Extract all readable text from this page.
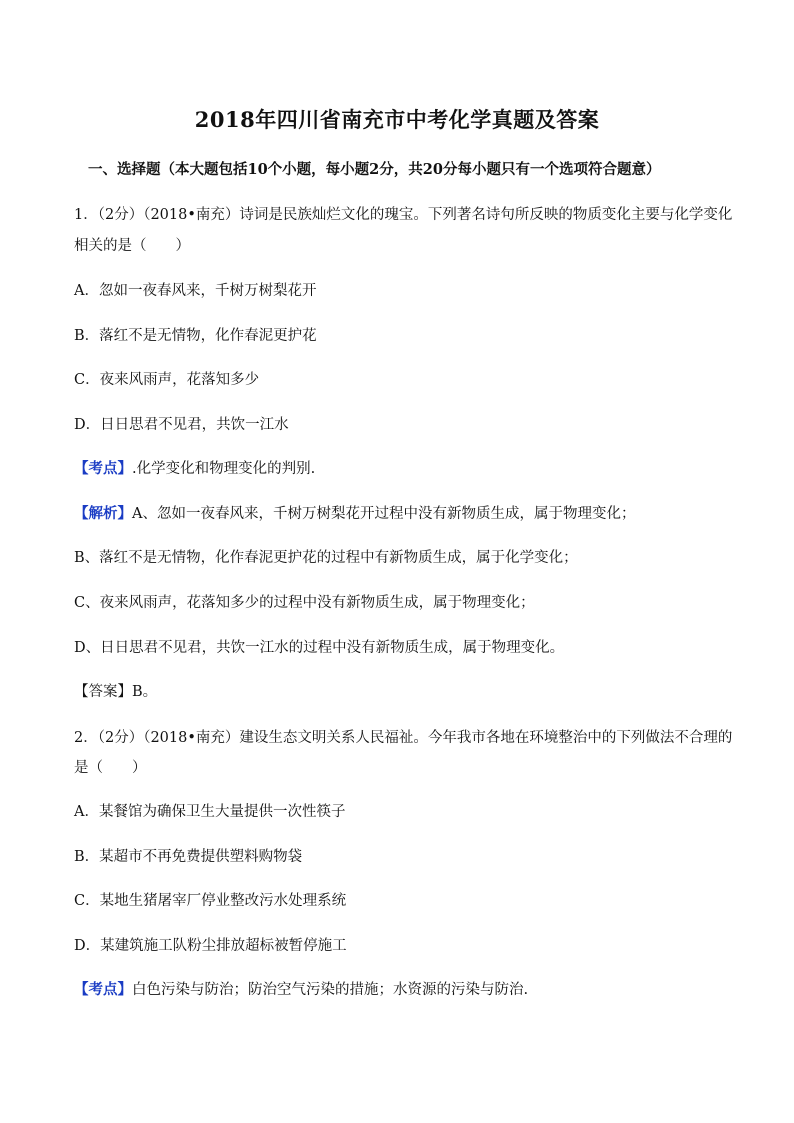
2018年四川省南充市中考化学真题及答案
一、选择题（本大题包括10个小题，每小题2分，共20分每小题只有一个选项符合题意）
1．（2分）（2018•南充）诗词是民族灿烂文化的瑰宝。下列著名诗句所反映的物质变化主要与化学变化
相关的是（　　）
A．忽如一夜春风来，千树万树梨花开
B．落红不是无情物，化作春泥更护花
C．夜来风雨声，花落知多少
D．日日思君不见君，共饮一江水
【考点】.化学变化和物理变化的判别.
【解析】A、忽如一夜春风来，千树万树梨花开过程中没有新物质生成，属于物理变化；
B、落红不是无情物，化作春泥更护花的过程中有新物质生成，属于化学变化；
C、夜来风雨声，花落知多少的过程中没有新物质生成，属于物理变化；
D、日日思君不见君，共饮一江水的过程中没有新物质生成，属于物理变化。
【答案】B。
2．（2分）（2018•南充）建设生态文明关系人民福祉。今年我市各地在环境整治中的下列做法不合理的
是（　　）
A．某餐馆为确保卫生大量提供一次性筷子
B．某超市不再免费提供塑料购物袋
C．某地生猪屠宰厂停业整改污水处理系统
D．某建筑施工队粉尘排放超标被暂停施工
【考点】白色污染与防治；防治空气污染的措施；水资源的污染与防治.
